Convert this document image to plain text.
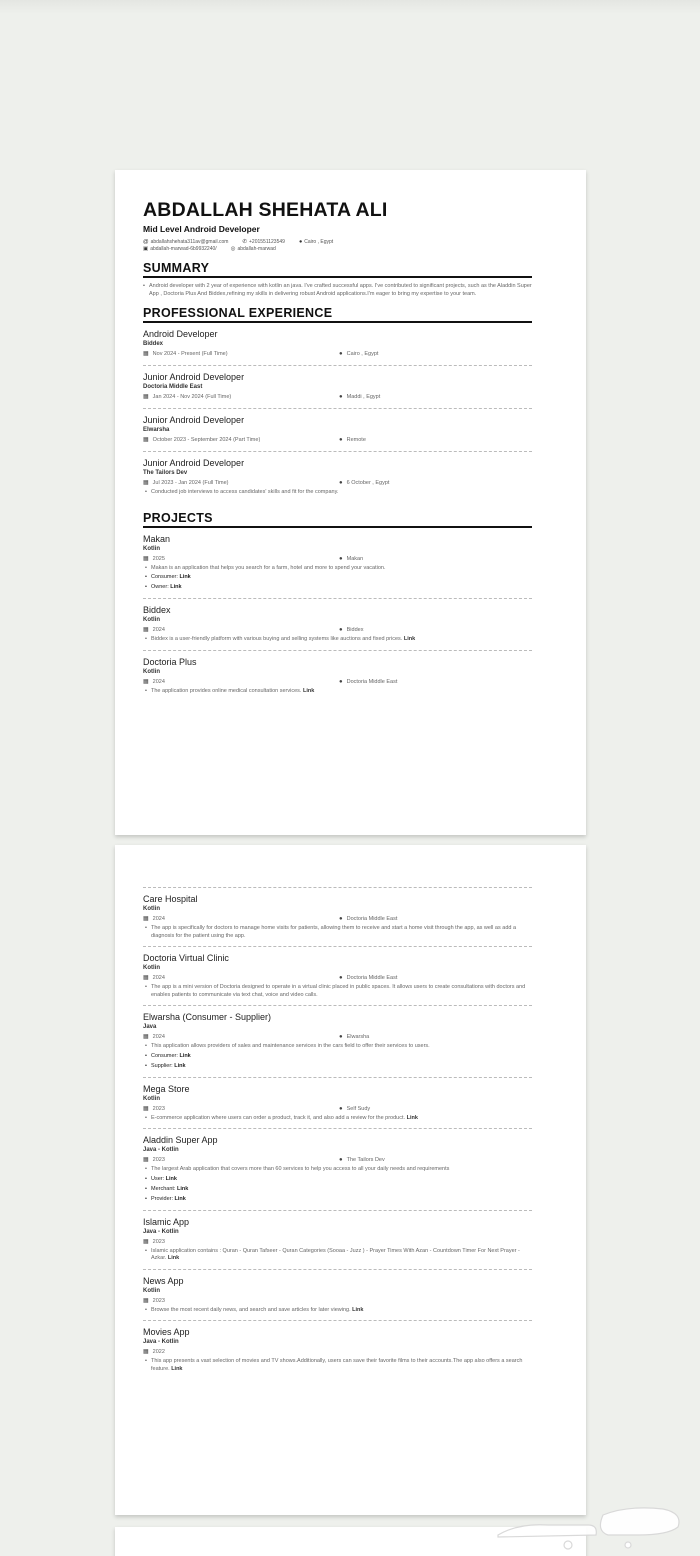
ABDALLAH SHEHATA ALI
Mid Level Android Developer
@ abdallahshehata311av@gmail.com	✆ +201551123549	● Cairo , Egypt
▣ abdallah-marwad-6b9932240/	◎ abdallah-marwad
SUMMARY
• Android developer with 2 year of experience with kotlin an java. I've crafted successful apps. I've contributed to significant projects, such as the Aladdin Super App , Doctoria Plus And Biddex,refining my skills in delivering robust Android applications.I'm eager to bring my expertise to your team.
PROFESSIONAL EXPERIENCE
Android Developer
Biddex
▦ Nov 2024 - Present (Full Time)	● Cairo , Egypt
Junior Android Developer
Doctoria Middle East
▦ Jan 2024 - Nov 2024 (Full Time)	● Maddi , Egypt
Junior Android Developer
Elwarsha
▦ October 2023 - September 2024 (Part Time)	● Remote
Junior Android Developer
The Tailors Dev
▦ Jul 2023 - Jan 2024 (Full Time)	● 6 October , Egypt
• Conducted job interviews to access candidates' skills and fit for the company.
PROJECTS
Makan
Kotlin
▦ 2025	● Makan
• Makan is an application that helps you search for a farm, hotel and more to spend your vacation.
• Consumer: Link
• Owner: Link
Biddex
Kotlin
▦ 2024	● Biddex
• Biddex is a user-friendly platform with various buying and selling systems like auctions and fixed prices. Link
Doctoria Plus
Kotlin
▦ 2024	● Doctoria Middle East
• The application provides online medical consultation services. Link
Care Hospital
Kotlin
▦ 2024	● Doctoria Middle East
• The app is specifically for doctors to manage home visits for patients, allowing them to receive and start a home visit through the app, as well as add a diagnosis for the patient using the app.
Doctoria Virtual Clinic
Kotlin
▦ 2024	● Doctoria Middle East
• The app is a mini version of Doctoria designed to operate in a virtual clinic placed in public spaces. It allows users to create consultations with doctors and enables patients to communicate via text chat, voice and video calls.
Elwarsha (Consumer - Supplier)
Java
▦ 2024	● Elwarsha
• This application allows providers of sales and maintenance services in the cars field to offer their services to users.
• Consumer: Link
• Supplier: Link
Mega Store
Kotlin
▦ 2023	● Self Sudy
• E-commerce application where users can order a product, track it, and also add a review for the product. Link
Aladdin Super App
Java - Kotlin
▦ 2023	● The Tailors Dev
• The largest Arab application that covers more than 60 services to help you access to all your daily needs and requirements
• User: Link
• Merchant: Link
• Provider: Link
Islamic App
Java - Kotlin
▦ 2023
• Islamic application contains : Quran - Quran Tafseer - Quran Categories (Sooaa - Juzz ) - Prayer Times With Azan - Countdown Timer For Next Prayer -Azkar. Link
News App
Kotlin
▦ 2023
• Browse the most recent daily news, and search and save articles for later viewing. Link
Movies App
Java - Kotlin
▦ 2022
• This app presents a vast selection of movies and TV shows.Additionally, users can save their favorite films to their accounts.The app also offers a search feature. Link
